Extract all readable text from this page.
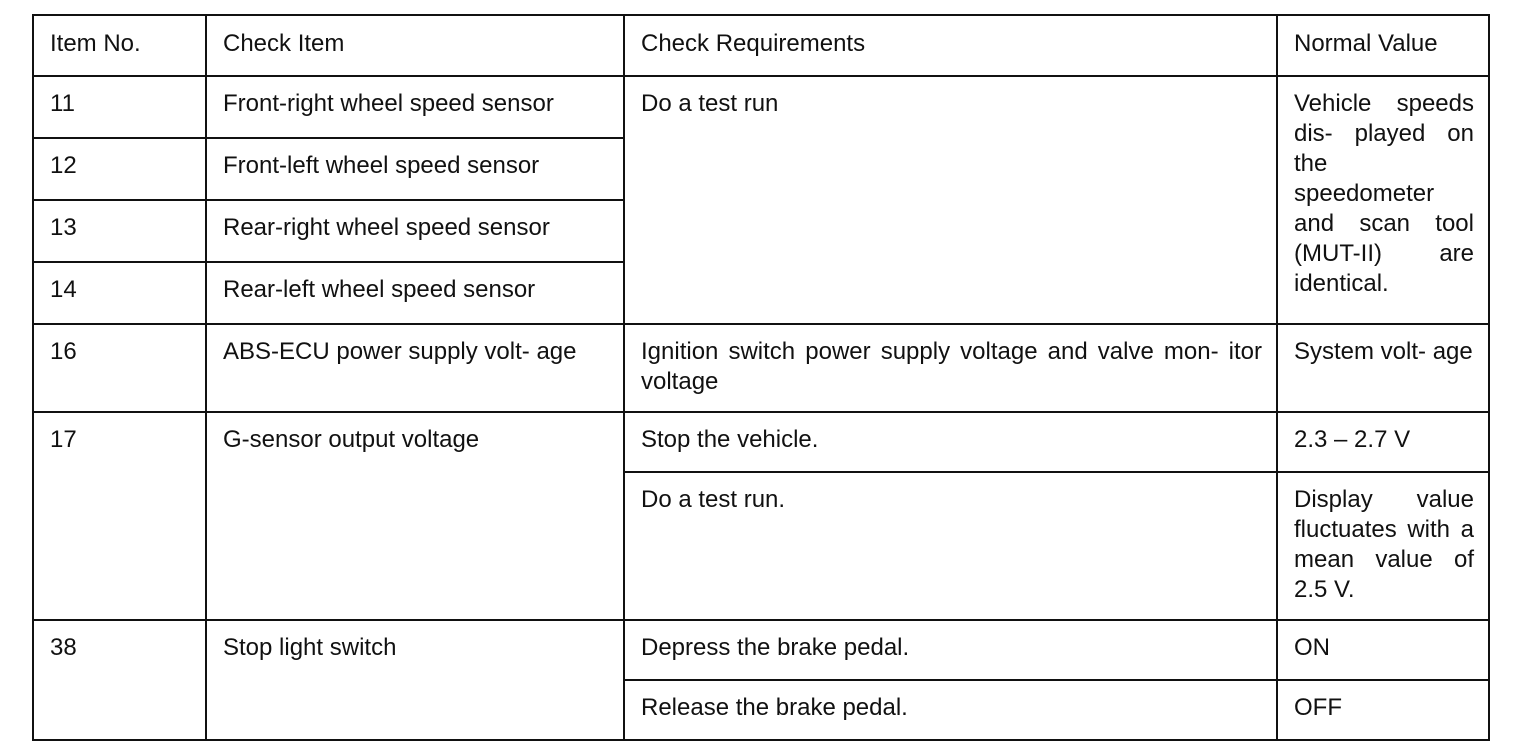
Item No.	Check Item	Check Requirements	Normal Value
11	Front-right wheel speed sensor	Do a test run	Vehicle speeds dis- played on the speedometer and scan tool (MUT-II) are identical.
12	Front-left wheel speed sensor		
13	Rear-right wheel speed sensor		
14	Rear-left wheel speed sensor		
16	ABS-ECU power supply volt- age	Ignition switch power supply voltage and valve mon- itor voltage	System volt- age
17	G-sensor output voltage	Stop the vehicle.	2.3 – 2.7 V
		Do a test run.	Display value fluctuates with a mean value of 2.5 V.
38	Stop light switch	Depress the brake pedal.	ON
		Release the brake pedal.	OFF
